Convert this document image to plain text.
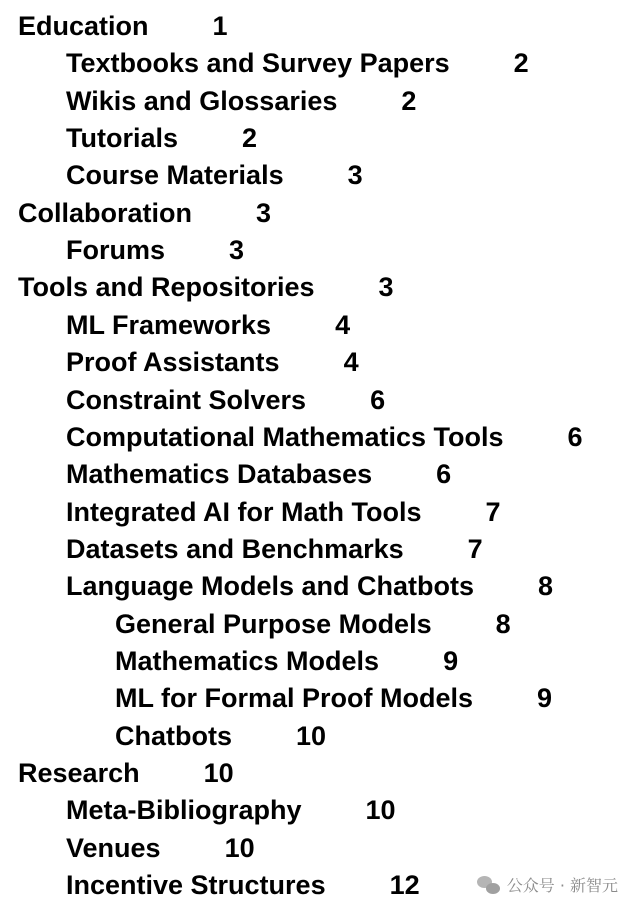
Education 1
Textbooks and Survey Papers 2
Wikis and Glossaries 2
Tutorials 2
Course Materials 3
Collaboration 3
Forums 3
Tools and Repositories 3
ML Frameworks 4
Proof Assistants 4
Constraint Solvers 6
Computational Mathematics Tools 6
Mathematics Databases 6
Integrated AI for Math Tools 7
Datasets and Benchmarks 7
Language Models and Chatbots 8
General Purpose Models 8
Mathematics Models 9
ML for Formal Proof Models 9
Chatbots 10
Research 10
Meta-Bibliography 10
Venues 10
Incentive Structures 12	公众号 · 新智元
